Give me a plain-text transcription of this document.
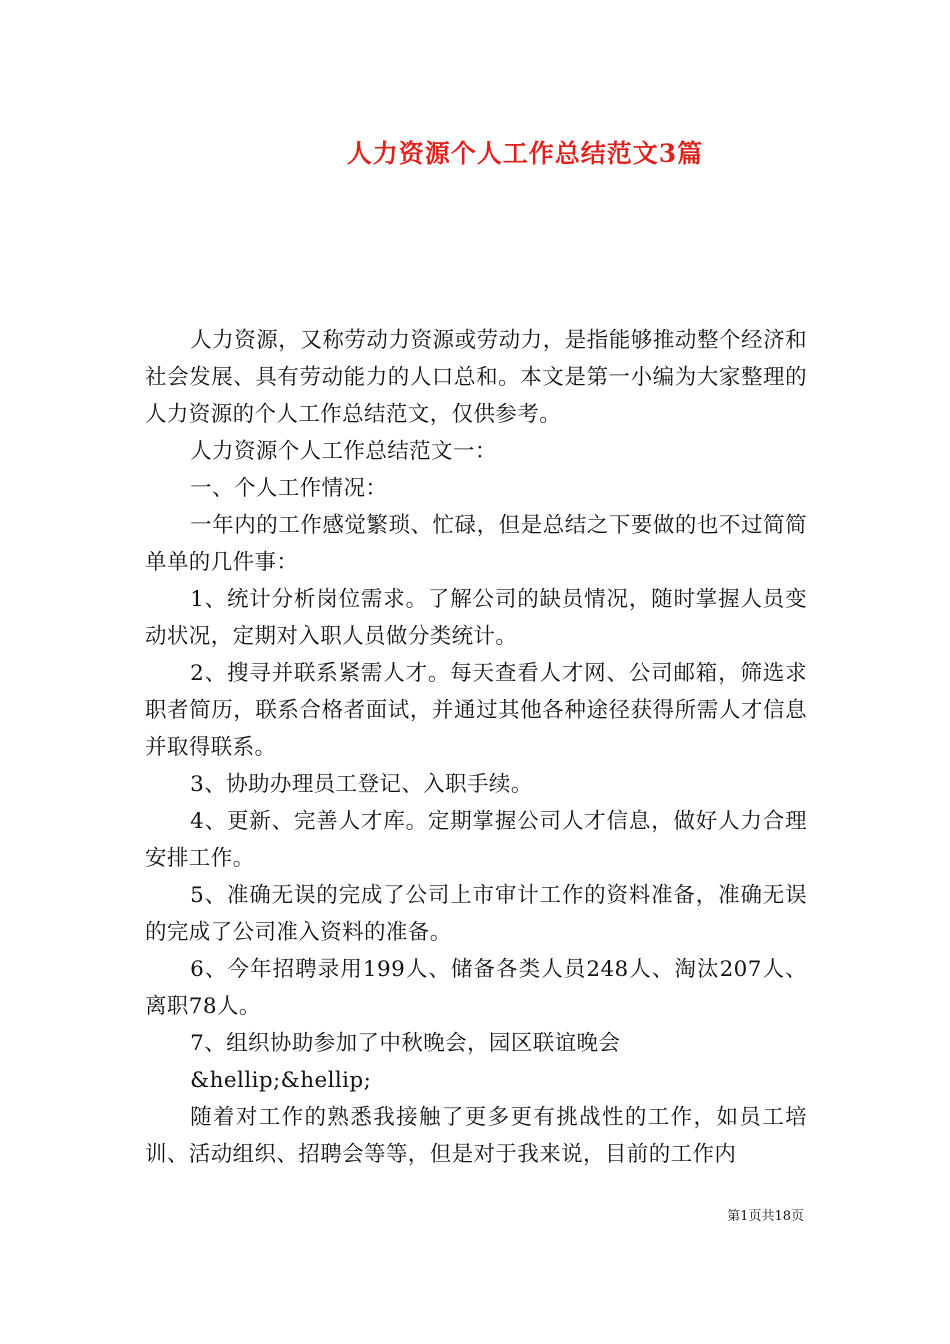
人力资源个人工作总结范文3篇

人力资源，又称劳动力资源或劳动力，是指能够推动整个经济和社会发展、具有劳动能力的人口总和。本文是第一小编为大家整理的人力资源的个人工作总结范文，仅供参考。

人力资源个人工作总结范文一：

一、个人工作情况：

一年内的工作感觉繁琐、忙碌，但是总结之下要做的也不过简简单单的几件事：

1、统计分析岗位需求。了解公司的缺员情况，随时掌握人员变动状况，定期对入职人员做分类统计。

2、搜寻并联系紧需人才。每天查看人才网、公司邮箱，筛选求职者简历，联系合格者面试，并通过其他各种途径获得所需人才信息并取得联系。

3、协助办理员工登记、入职手续。

4、更新、完善人才库。定期掌握公司人才信息，做好人力合理安排工作。

5、准确无误的完成了公司上市审计工作的资料准备，准确无误的完成了公司准入资料的准备。

6、今年招聘录用199人、储备各类人员248人、淘汰207人、离职78人。

7、组织协助参加了中秋晚会，园区联谊晚会

&hellip;&hellip;

随着对工作的熟悉我接触了更多更有挑战性的工作，如员工培训、活动组织、招聘会等等，但是对于我来说，目前的工作内

第1页共18页
